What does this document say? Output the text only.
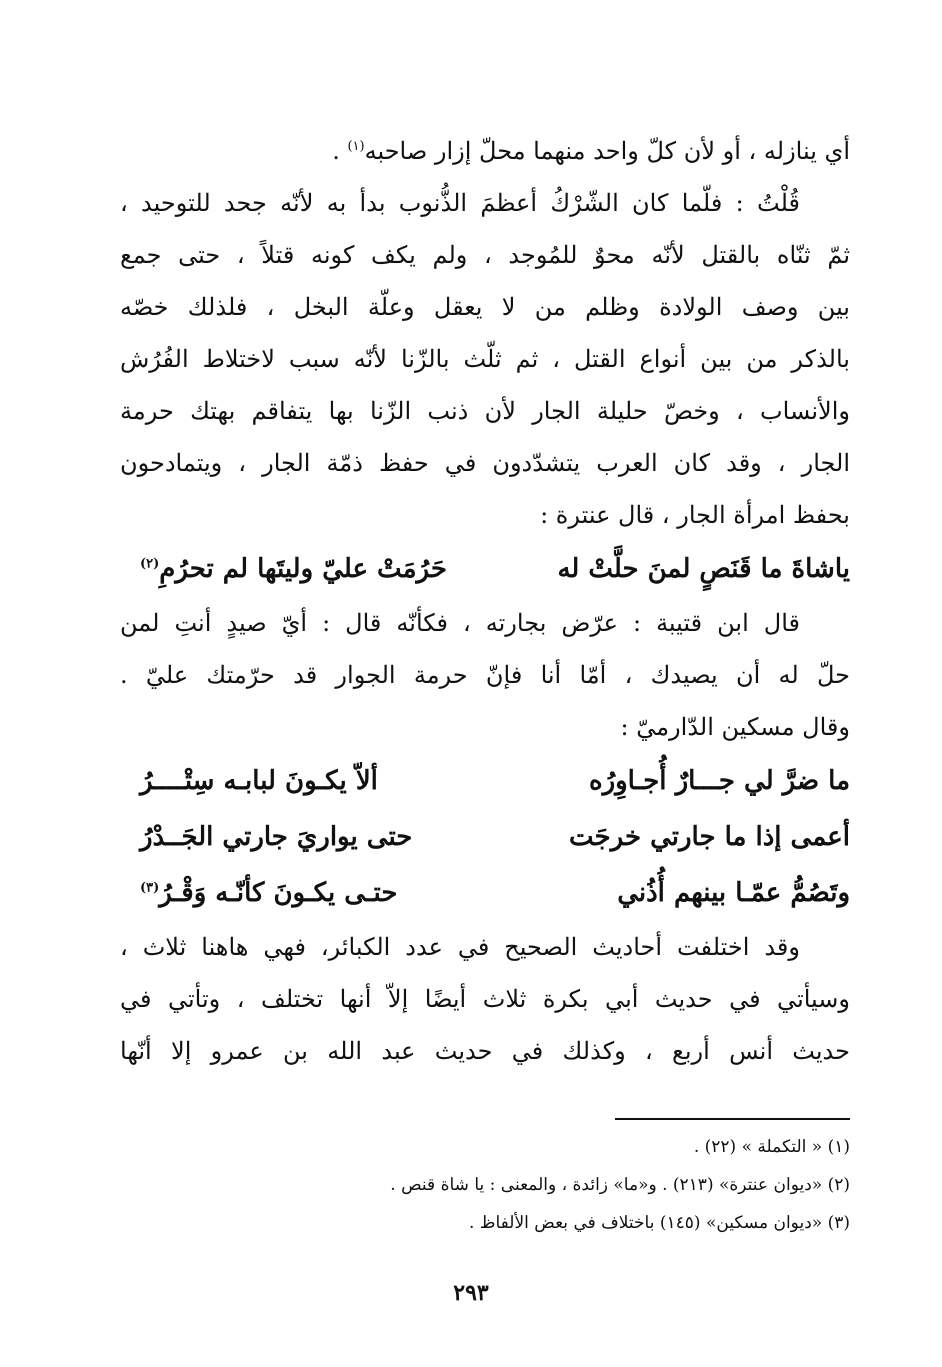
أي ينازله ، أو لأن كلّ واحد منهما محلّ إزار صاحبه$^{(١)}$ .
قُلْتُ : فلّما كان الشّرْكُ أعظمَ الذُّنوب بدأ به لأنّه جحد للتوحيد ،
ثمّ ثنّاه بالقتل لأنّه محوٌ للمُوجد ، ولم يكف كونه قتلاً ، حتى جمع
بين وصف الولادة وظلم من لا يعقل وعلّة البخل ، فلذلك خصّه
بالذكر من بين أنواع القتل ، ثم ثلّث بالزّنا لأنّه سبب لاختلاط الفُرُش
والأنساب ، وخصّ حليلة الجار لأن ذنب الزّنا بها يتفاقم بهتك حرمة
الجار ، وقد كان العرب يتشدّدون في حفظ ذمّة الجار ، ويتمادحون
بحفظ امرأة الجار ، قال عنترة :
ياشاةَ ما قَنَصٍ لمنَ حلَّتْ له
حَرُمَتْ عليّ وليتَها لم تحرُمِ$^{(٢)}$
قال ابن قتيبة : عرّض بجارته ، فكأنّه قال : أيّ صيدٍ أنتِ لمن
حلّ له أن يصيدك ، أمّا أنا فإنّ حرمة الجوار قد حرّمتك عليّ .
وقال مسكين الدّارميّ :
ما ضرَّ لي جـــارٌ أُجـاوِرُه
ألاّ يكـونَ لبابـه سِتْــــرُ
أعمى إذا ما جارتي خرجَت
حتى يواريَ جارتي الجَــدْرُ
وتَصُمُّ عمّـا بينهم أُذُني
حتـى يكـونَ كأنّـه وَقْـرُ$^{(٣)}$
وقد اختلفت أحاديث الصحيح في عدد الكبائر، فهي هاهنا ثلاث ،
وسيأتي في حديث أبي بكرة ثلاث أيضًا إلاّ أنها تختلف ، وتأتي في
حديث أنس أربع ، وكذلك في حديث عبد الله بن عمرو إلا أنّها
(١) « التكملة » (٢٢) .
(٢) «ديوان عنترة» (٢١٣) . و«ما» زائدة ، والمعنى : يا شاة قنص .
(٣) «ديوان مسكين» (١٤٥) باختلاف في بعض الألفاظ .
٢٩٣
